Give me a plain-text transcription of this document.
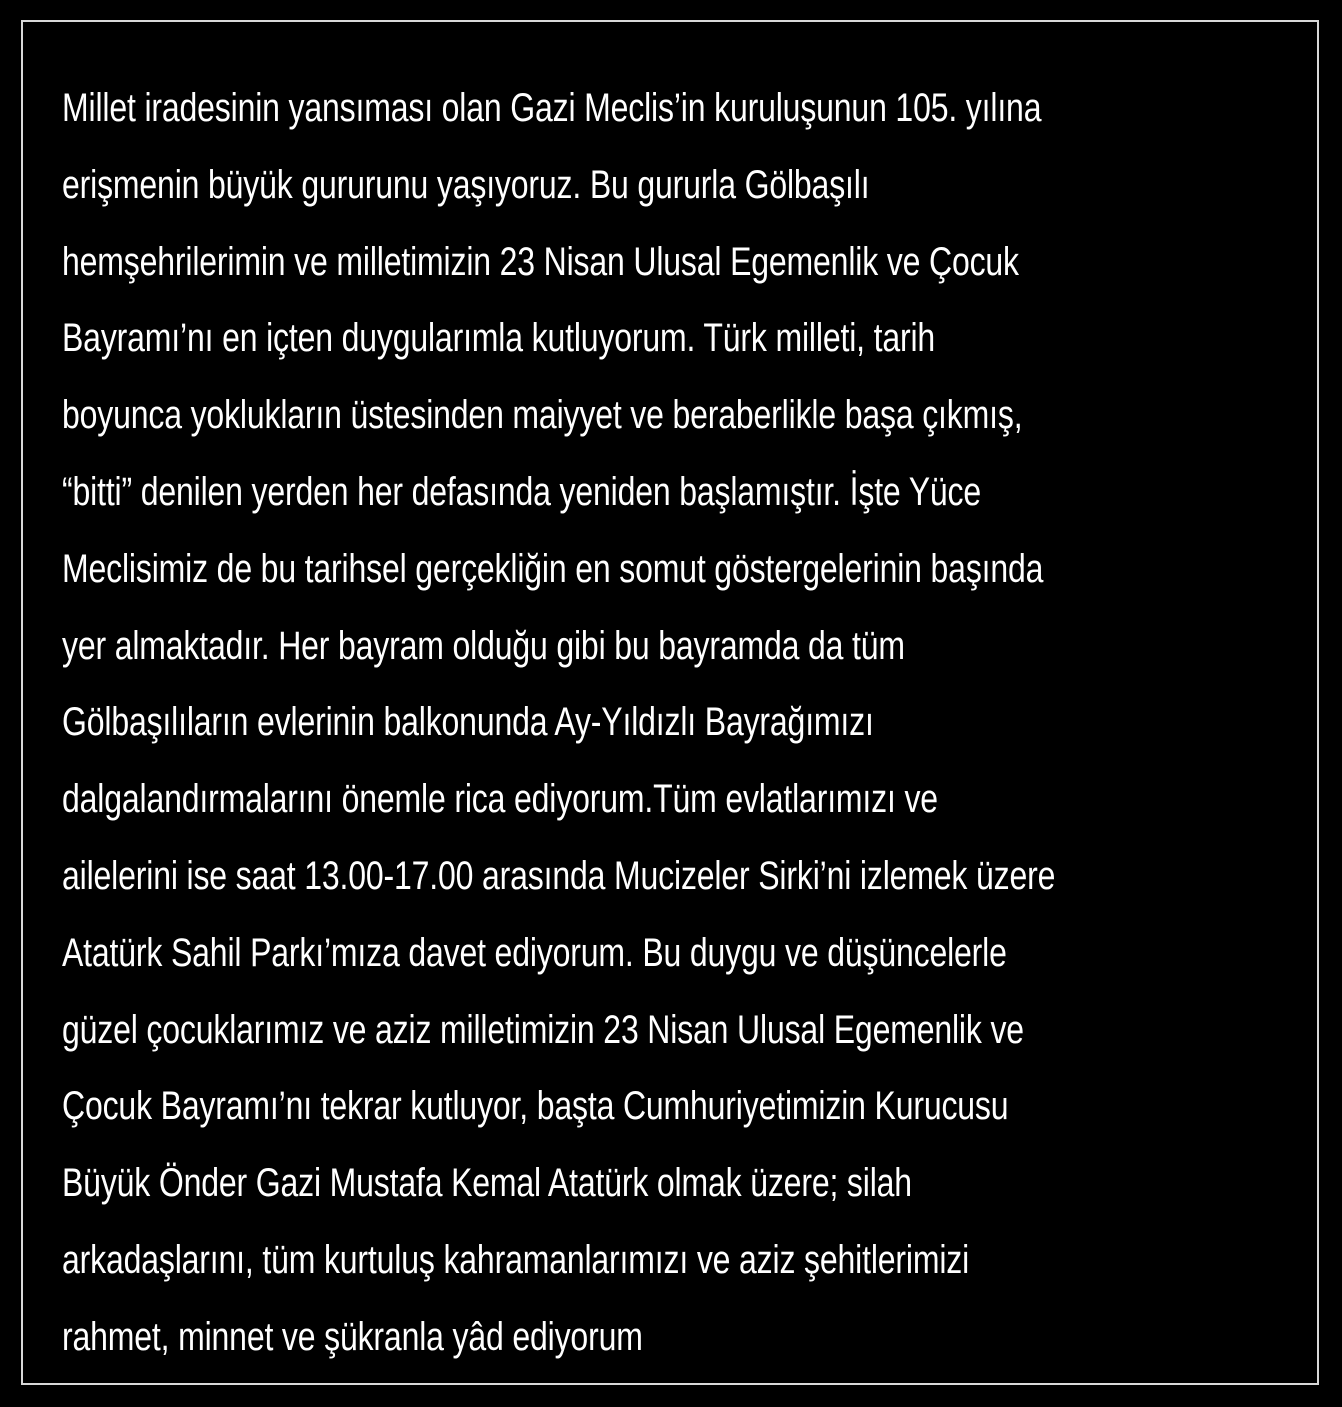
Millet iradesinin yansıması olan Gazi Meclis’in kuruluşunun 105. yılına
erişmenin büyük gururunu yaşıyoruz. Bu gururla Gölbaşılı
hemşehrilerimin ve milletimizin 23 Nisan Ulusal Egemenlik ve Çocuk
Bayramı’nı en içten duygularımla kutluyorum. Türk milleti, tarih
boyunca yoklukların üstesinden maiyyet ve beraberlikle başa çıkmış,
“bitti” denilen yerden her defasında yeniden başlamıştır. İşte Yüce
Meclisimiz de bu tarihsel gerçekliğin en somut göstergelerinin başında
yer almaktadır. Her bayram olduğu gibi bu bayramda da tüm
Gölbaşılıların evlerinin balkonunda Ay-Yıldızlı Bayrağımızı
dalgalandırmalarını önemle rica ediyorum.Tüm evlatlarımızı ve
ailelerini ise saat 13.00-17.00 arasında Mucizeler Sirki’ni izlemek üzere
Atatürk Sahil Parkı’mıza davet ediyorum. Bu duygu ve düşüncelerle
güzel çocuklarımız ve aziz milletimizin 23 Nisan Ulusal Egemenlik ve
Çocuk Bayramı’nı tekrar kutluyor, başta Cumhuriyetimizin Kurucusu
Büyük Önder Gazi Mustafa Kemal Atatürk olmak üzere; silah
arkadaşlarını, tüm kurtuluş kahramanlarımızı ve aziz şehitlerimizi
rahmet, minnet ve şükranla yâd ediyorum
